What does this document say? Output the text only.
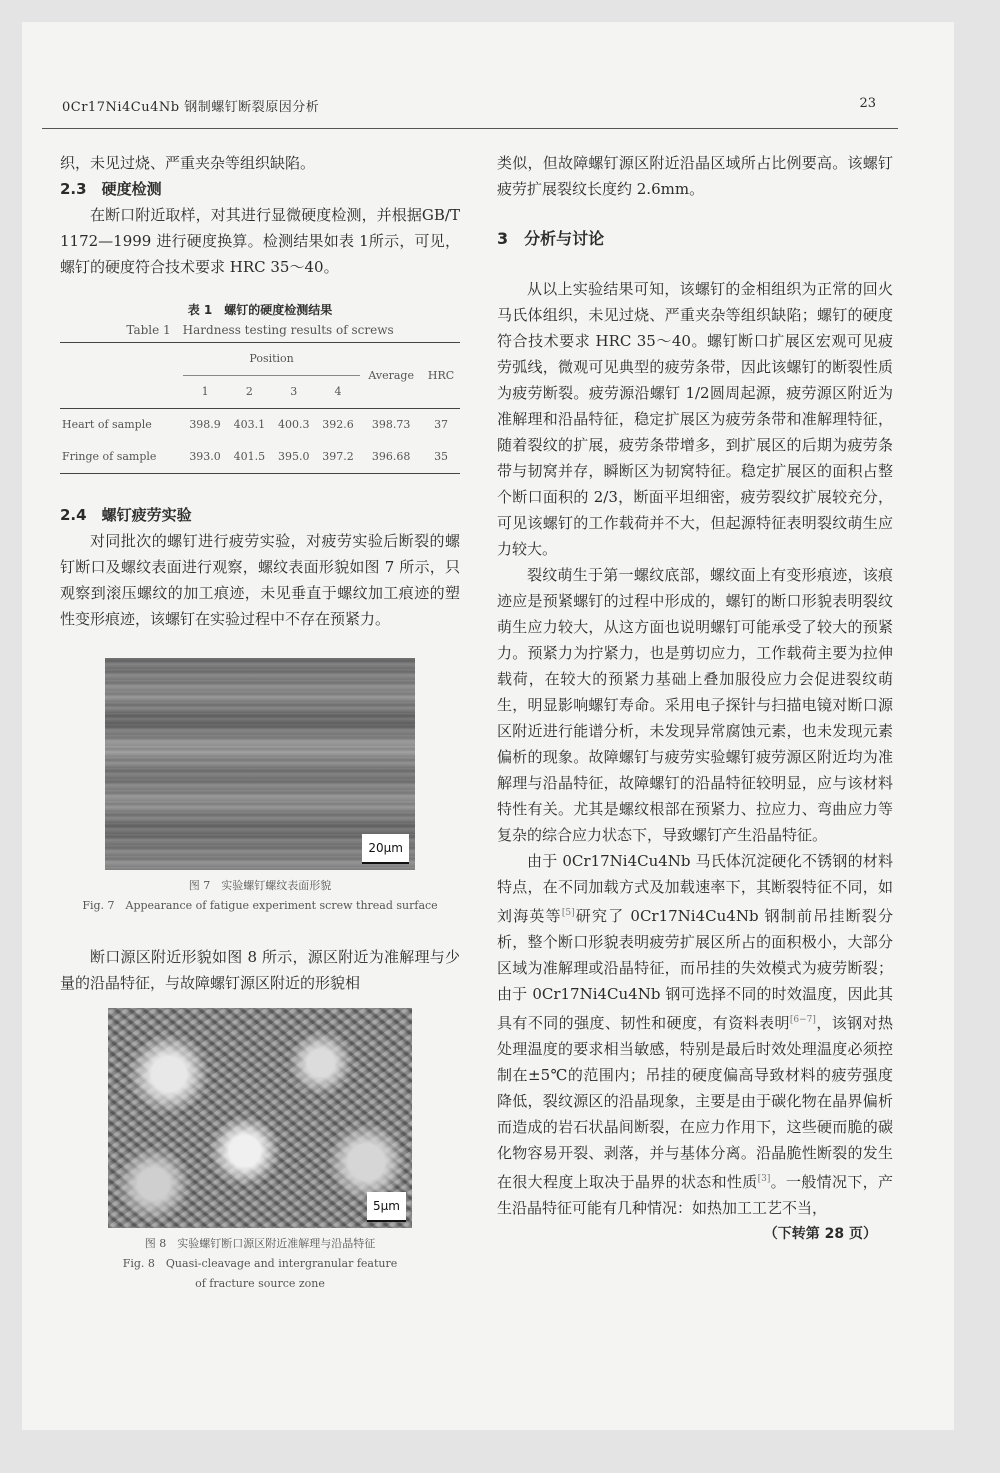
0Cr17Ni4Cu4Nb 钢制螺钉断裂原因分析	23

织，未见过烧、严重夹杂等组织缺陷。

2.3　硬度检测

在断口附近取样，对其进行显微硬度检测，并根据GB/T 1172—1999 进行硬度换算。检测结果如表 1所示，可见，螺钉的硬度符合技术要求 HRC 35～40。

表 1　螺钉的硬度检测结果
Table 1　Hardness testing results of screws
	Position				Average	HRC
	1	2	3	4		
Heart of sample	398.9	403.1	400.3	392.6	398.73	37
Fringe of sample	393.0	401.5	395.0	397.2	396.68	35
2.4　螺钉疲劳实验

对同批次的螺钉进行疲劳实验，对疲劳实验后断裂的螺钉断口及螺纹表面进行观察，螺纹表面形貌如图 7 所示，只观察到滚压螺纹的加工痕迹，未见垂直于螺纹加工痕迹的塑性变形痕迹，该螺钉在实验过程中不存在预紧力。

20μm
图 7　实验螺钉螺纹表面形貌
Fig. 7　Appearance of fatigue experiment screw thread surface

断口源区附近形貌如图 8 所示，源区附近为准解理与少量的沿晶特征，与故障螺钉源区附近的形貌相

5μm
图 8　实验螺钉断口源区附近准解理与沿晶特征
Fig. 8　Quasi-cleavage and intergranular feature
of fracture source zone

类似，但故障螺钉源区附近沿晶区域所占比例要高。该螺钉疲劳扩展裂纹长度约 2.6mm。

3　分析与讨论

从以上实验结果可知，该螺钉的金相组织为正常的回火马氏体组织，未见过烧、严重夹杂等组织缺陷；螺钉的硬度符合技术要求 HRC 35～40。螺钉断口扩展区宏观可见疲劳弧线，微观可见典型的疲劳条带，因此该螺钉的断裂性质为疲劳断裂。疲劳源沿螺钉 1/2圆周起源，疲劳源区附近为准解理和沿晶特征，稳定扩展区为疲劳条带和准解理特征，随着裂纹的扩展，疲劳条带增多，到扩展区的后期为疲劳条带与韧窝并存，瞬断区为韧窝特征。稳定扩展区的面积占整个断口面积的 2/3，断面平坦细密，疲劳裂纹扩展较充分，可见该螺钉的工作载荷并不大，但起源特征表明裂纹萌生应力较大。

裂纹萌生于第一螺纹底部，螺纹面上有变形痕迹，该痕迹应是预紧螺钉的过程中形成的，螺钉的断口形貌表明裂纹萌生应力较大，从这方面也说明螺钉可能承受了较大的预紧力。预紧力为拧紧力，也是剪切应力，工作载荷主要为拉伸载荷，在较大的预紧力基础上叠加服役应力会促进裂纹萌生，明显影响螺钉寿命。采用电子探针与扫描电镜对断口源区附近进行能谱分析，未发现异常腐蚀元素，也未发现元素偏析的现象。故障螺钉与疲劳实验螺钉疲劳源区附近均为准解理与沿晶特征，故障螺钉的沿晶特征较明显，应与该材料特性有关。尤其是螺纹根部在预紧力、拉应力、弯曲应力等复杂的综合应力状态下，导致螺钉产生沿晶特征。

由于 0Cr17Ni4Cu4Nb 马氏体沉淀硬化不锈钢的材料特点，在不同加载方式及加载速率下，其断裂特征不同，如刘海英等[5]研究了 0Cr17Ni4Cu4Nb 钢制前吊挂断裂分析，整个断口形貌表明疲劳扩展区所占的面积极小，大部分区域为准解理或沿晶特征，而吊挂的失效模式为疲劳断裂；由于 0Cr17Ni4Cu4Nb 钢可选择不同的时效温度，因此其具有不同的强度、韧性和硬度，有资料表明[6−7]，该钢对热处理温度的要求相当敏感，特别是最后时效处理温度必须控制在±5℃的范围内；吊挂的硬度偏高导致材料的疲劳强度降低，裂纹源区的沿晶现象，主要是由于碳化物在晶界偏析而造成的岩石状晶间断裂，在应力作用下，这些硬而脆的碳化物容易开裂、剥落，并与基体分离。沿晶脆性断裂的发生在很大程度上取决于晶界的状态和性质[3]。一般情况下，产生沿晶特征可能有几种情况：如热加工工艺不当，

（下转第 28 页）
